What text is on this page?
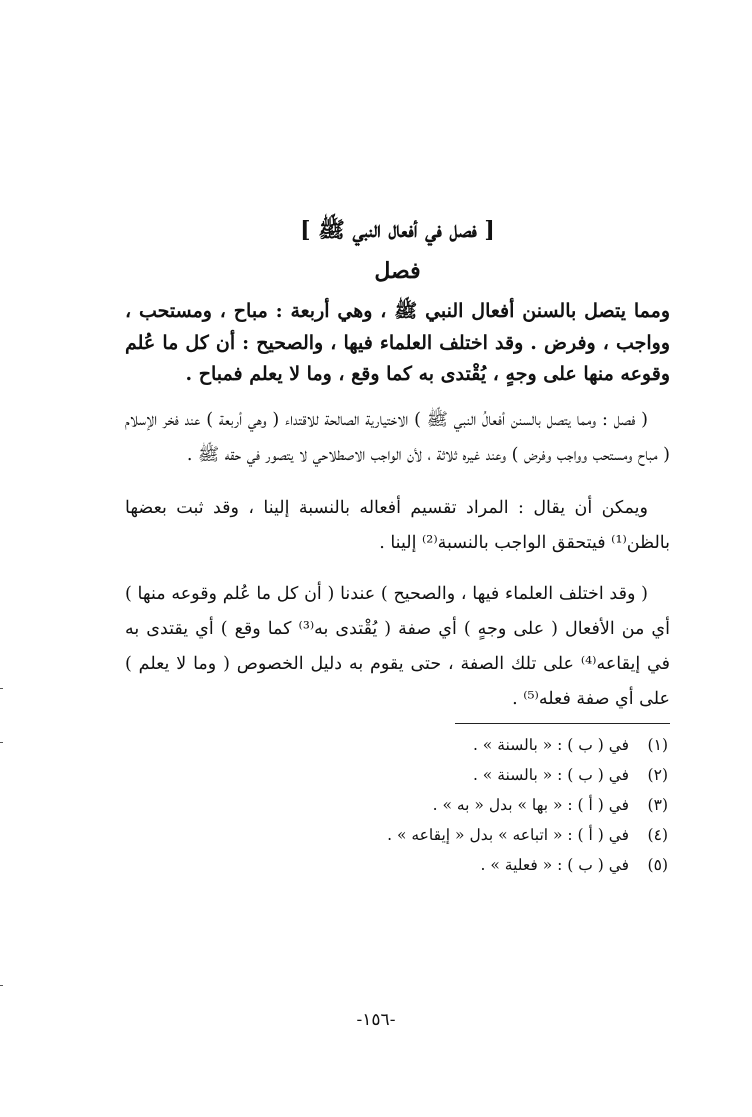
[ فصل في أفعال النبي ﷺ ]
فصل

ومما يتصل بالسنن أفعال النبي ﷺ ، وهي أربعة : مباح ، ومستحب ، وواجب ، وفرض . وقد اختلف العلماء فيها ، والصحيح : أن كل ما عُلم وقوعه منها على وجهٍ ، يُقْتدى به كما وقع ، وما لا يعلم فمباح .

( فصل : ومما يتصل بالسنن أفعالُ النبي ﷺ ) الاختيارية الصالحة للاقتداء ( وهي أربعة ) عند فخر الإسلام ( مباح ومستحب وواجب وفرض ) وعند غيره ثلاثة ، لأن الواجب الاصطلاحي لا يتصور في حقه ﷺ .

ويمكن أن يقال : المراد تقسيم أفعاله بالنسبة إلينا ، وقد ثبت بعضها بالظن⁽¹⁾ فيتحقق الواجب بالنسبة⁽²⁾ إلينا .

( وقد اختلف العلماء فيها ، والصحيح ) عندنا ( أن كل ما عُلم وقوعه منها ) أي من الأفعال ( على وجهٍ ) أي صفة ( يُقْتدى به⁽³⁾ كما وقع ) أي يقتدى به في إيقاعه⁽⁴⁾ على تلك الصفة ، حتى يقوم به دليل الخصوص ( وما لا يعلم ) على أي صفة فعله⁽⁵⁾ .

(١) في ( ب ) : « بالسنة » .
(٢) في ( ب ) : « بالسنة » .
(٣) في ( أ ) : « بها » بدل « به » .
(٤) في ( أ ) : « اتباعه » بدل « إيقاعه » .
(٥) في ( ب ) : « فعلية » .
-١٥٦-
